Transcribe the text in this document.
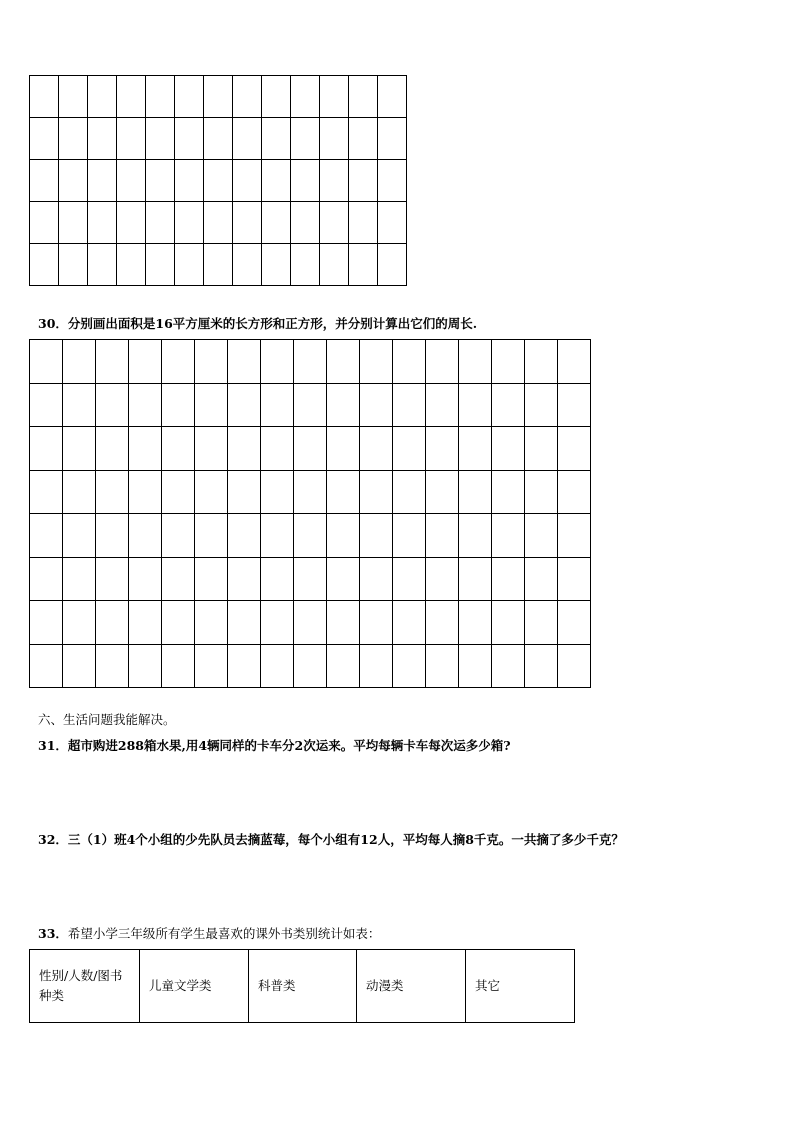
30．分别画出面积是16平方厘米的长方形和正方形，并分别计算出它们的周长.

六、生活问题我能解决。
31．超市购进288箱水果,用4辆同样的卡车分2次运来。平均每辆卡车每次运多少箱?
32．三（1）班4个小组的少先队员去摘蓝莓，每个小组有12人，平均每人摘8千克。一共摘了多少千克？
33．希望小学三年级所有学生最喜欢的课外书类别统计如表：
性别/人数/图书
种类
	儿童文学类	科普类	动漫类	其它
